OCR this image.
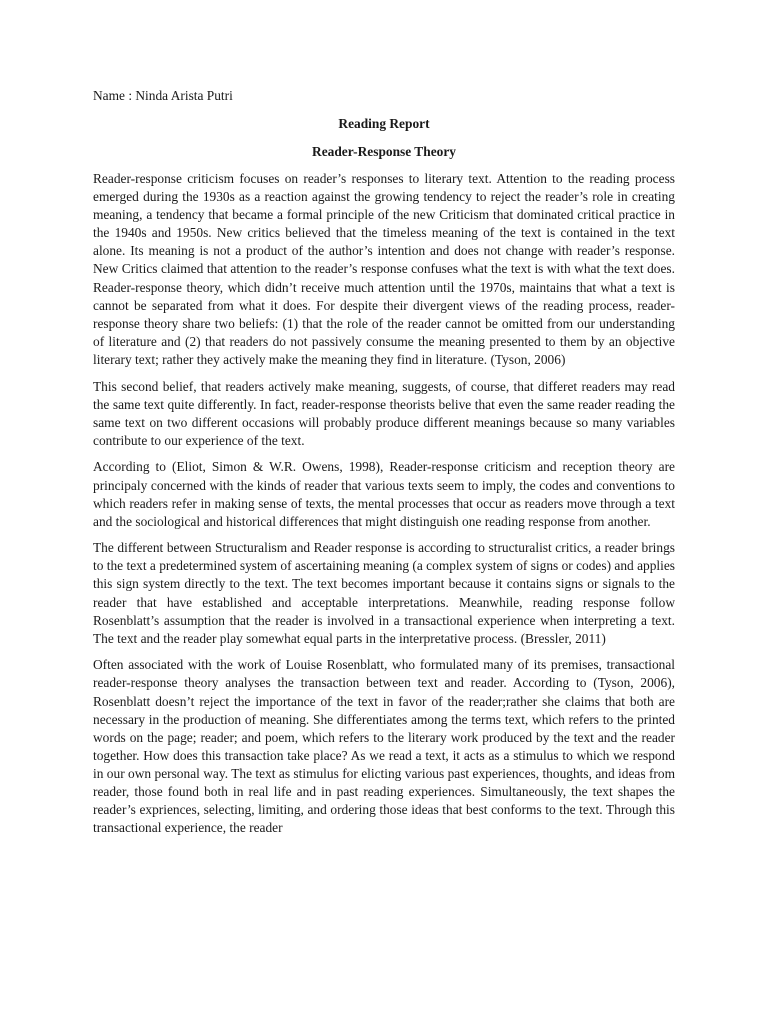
Name : Ninda Arista Putri
Reading Report
Reader-Response Theory

Reader-response criticism focuses on reader’s responses to literary text. Attention to the reading process emerged during the 1930s as a reaction against the growing tendency to reject the reader’s role in creating meaning, a tendency that became a formal principle of the new Criticism that dominated critical practice in the 1940s and 1950s. New critics believed that the timeless meaning of the text is contained in the text alone. Its meaning is not a product of the author’s intention and does not change with reader’s response. New Critics claimed that attention to the reader’s response confuses what the text is with what the text does. Reader-response theory, which didn’t receive much attention until the 1970s, maintains that what a text is cannot be separated from what it does. For despite their divergent views of the reading process, reader-response theory share two beliefs: (1) that the role of the reader cannot be omitted from our understanding of literature and (2) that readers do not passively consume the meaning presented to them by an objective literary text; rather they actively make the meaning they find in literature. (Tyson, 2006)

This second belief, that readers actively make meaning, suggests, of course, that differet readers may read the same text quite differently. In fact, reader-response theorists belive that even the same reader reading the same text on two different occasions will probably produce different meanings because so many variables contribute to our experience of the text.

According to (Eliot, Simon & W.R. Owens, 1998), Reader-response criticism and reception theory are principaly concerned with the kinds of reader that various texts seem to imply, the codes and conventions to which readers refer in making sense of texts, the mental processes that occur as readers move through a text and the sociological and historical differences that might distinguish one reading response from another.

The different between Structuralism and Reader response is according to structuralist critics, a reader brings to the text a predetermined system of ascertaining meaning (a complex system of signs or codes) and applies this sign system directly to the text. The text becomes important because it contains signs or signals to the reader that have established and acceptable interpretations. Meanwhile, reading response follow Rosenblatt’s assumption that the reader is involved in a transactional experience when interpreting a text. The text and the reader play somewhat equal parts in the interpretative process. (Bressler, 2011)

Often associated with the work of Louise Rosenblatt, who formulated many of its premises, transactional reader-response theory analyses the transaction between text and reader. According to (Tyson, 2006), Rosenblatt doesn’t reject the importance of the text in favor of the reader;rather she claims that both are necessary in the production of meaning. She differentiates among the terms text, which refers to the printed words on the page; reader; and poem, which refers to the literary work produced by the text and the reader together. How does this transaction take place? As we read a text, it acts as a stimulus to which we respond in our own personal way. The text as stimulus for elicting various past experiences, thoughts, and ideas from reader, those found both in real life and in past reading experiences. Simultaneously, the text shapes the reader’s expriences, selecting, limiting, and ordering those ideas that best conforms to the text. Through this transactional experience, the reader
